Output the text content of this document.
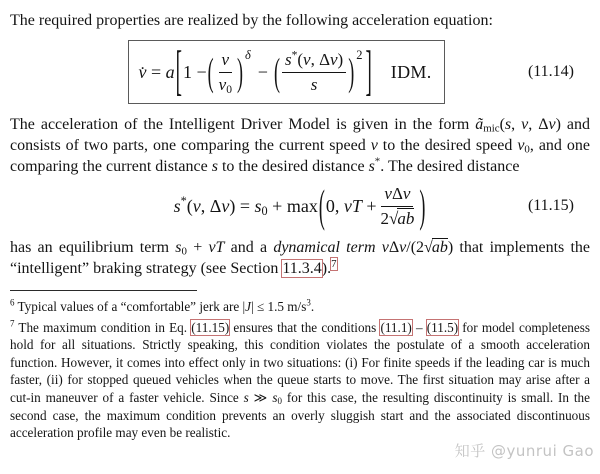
The required properties are realized by the following acceleration equation:

v̇ = a [ 1 − ( $\frac{v}{v0}$ ) δ
− ( $\frac{s^*(v, \Delta v)}{s}$ ) 2 ] IDM.	(11.14)

The acceleration of the Intelligent Driver Model is given in the form ãmic(s, v, Δv) and consists of two parts, one comparing the current speed v to the desired speed v0, and one comparing the current distance s to the desired distance s*. The desired distance

s*(v, Δv) = s0 + max ( 0, vT + $\frac{\text{vΔv}}{2√ab}$ )	(11.15)

has an equilibrium term s0 + vT and a dynamical term vΔv/(2√ab) that implements the “intelligent” braking strategy (see Section 11.3.4).$^7$

$^6$ Typical values of a “comfortable” jerk are |J| ≤ 1.5 $m/s^3$.

$^7$ The maximum condition in Eq. (11.15) ensures that the conditions (11.1) – (11.5) for model completeness hold for all situations. Strictly speaking, this condition violates the postulate of a smooth acceleration function. However, it comes into effect only in two situations: (i) For finite speeds if the leading car is much faster, (ii) for stopped queued vehicles when the queue starts to move. The first situation may arise after a cut-in maneuver of a faster vehicle. Since s ≫ s0 for this case, the resulting discontinuity is small. In the second case, the maximum condition prevents an overly sluggish start and the associated discontinuous acceleration profile may even be realistic.

知乎 @yunrui Gao
